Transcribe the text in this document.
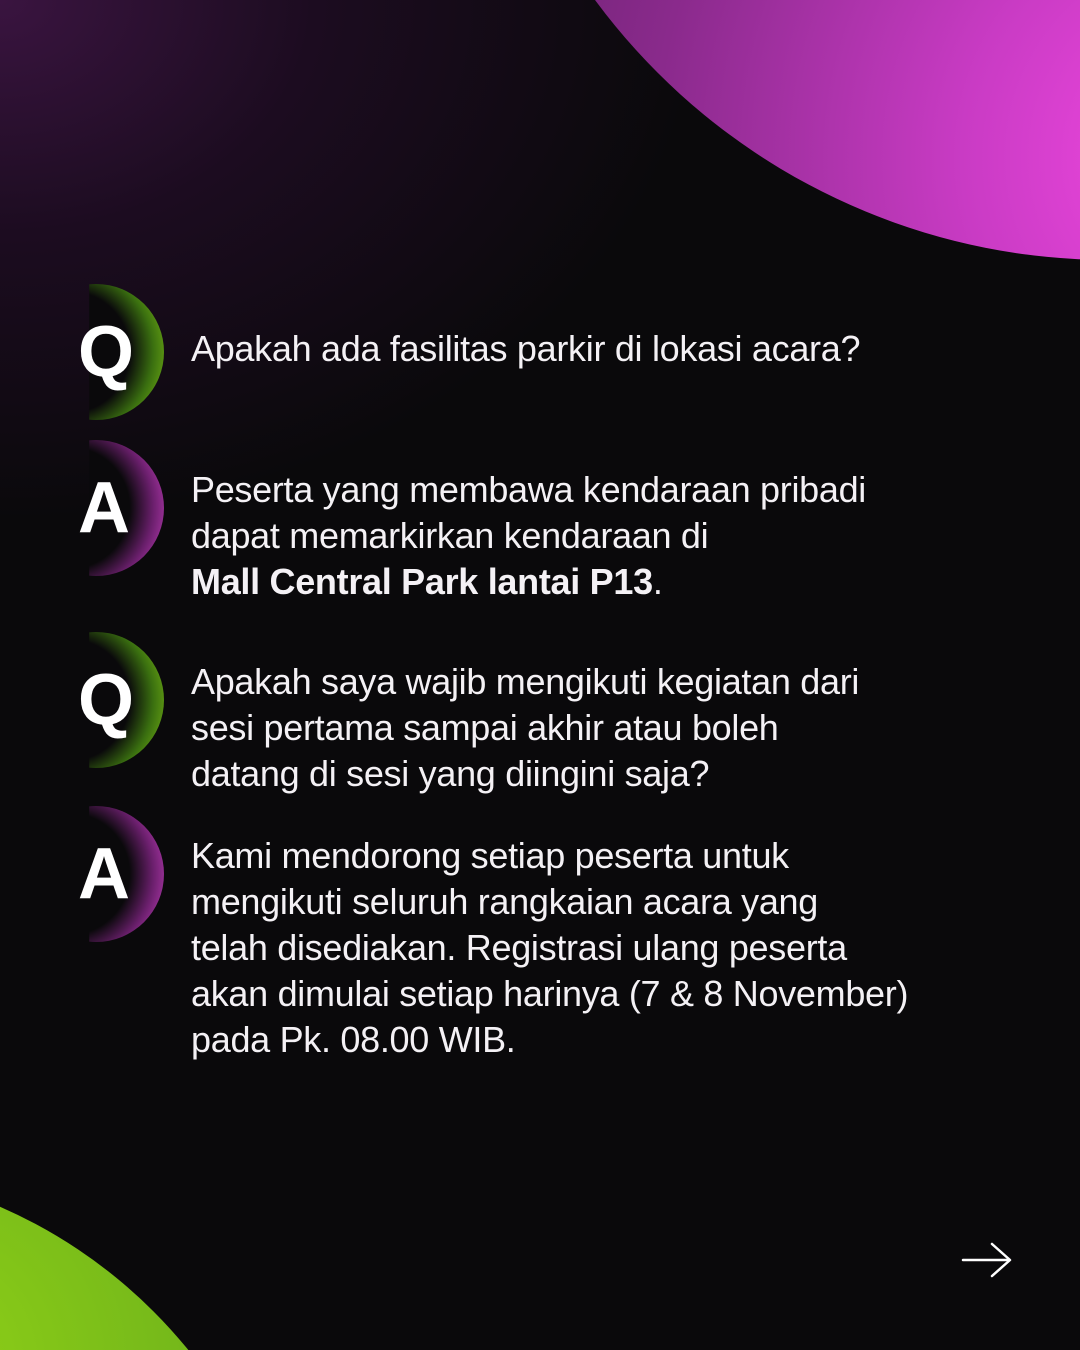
Q Apakah ada fasilitas parkir di lokasi acara?
A Peserta yang membawa kendaraan pribadi
dapat memarkirkan kendaraan di
Mall Central Park lantai P13.
Q Apakah saya wajib mengikuti kegiatan dari
sesi pertama sampai akhir atau boleh
datang di sesi yang diingini saja?
A Kami mendorong setiap peserta untuk
mengikuti seluruh rangkaian acara yang
telah disediakan. Registrasi ulang peserta
akan dimulai setiap harinya (7 & 8 November)
pada Pk. 08.00 WIB.
